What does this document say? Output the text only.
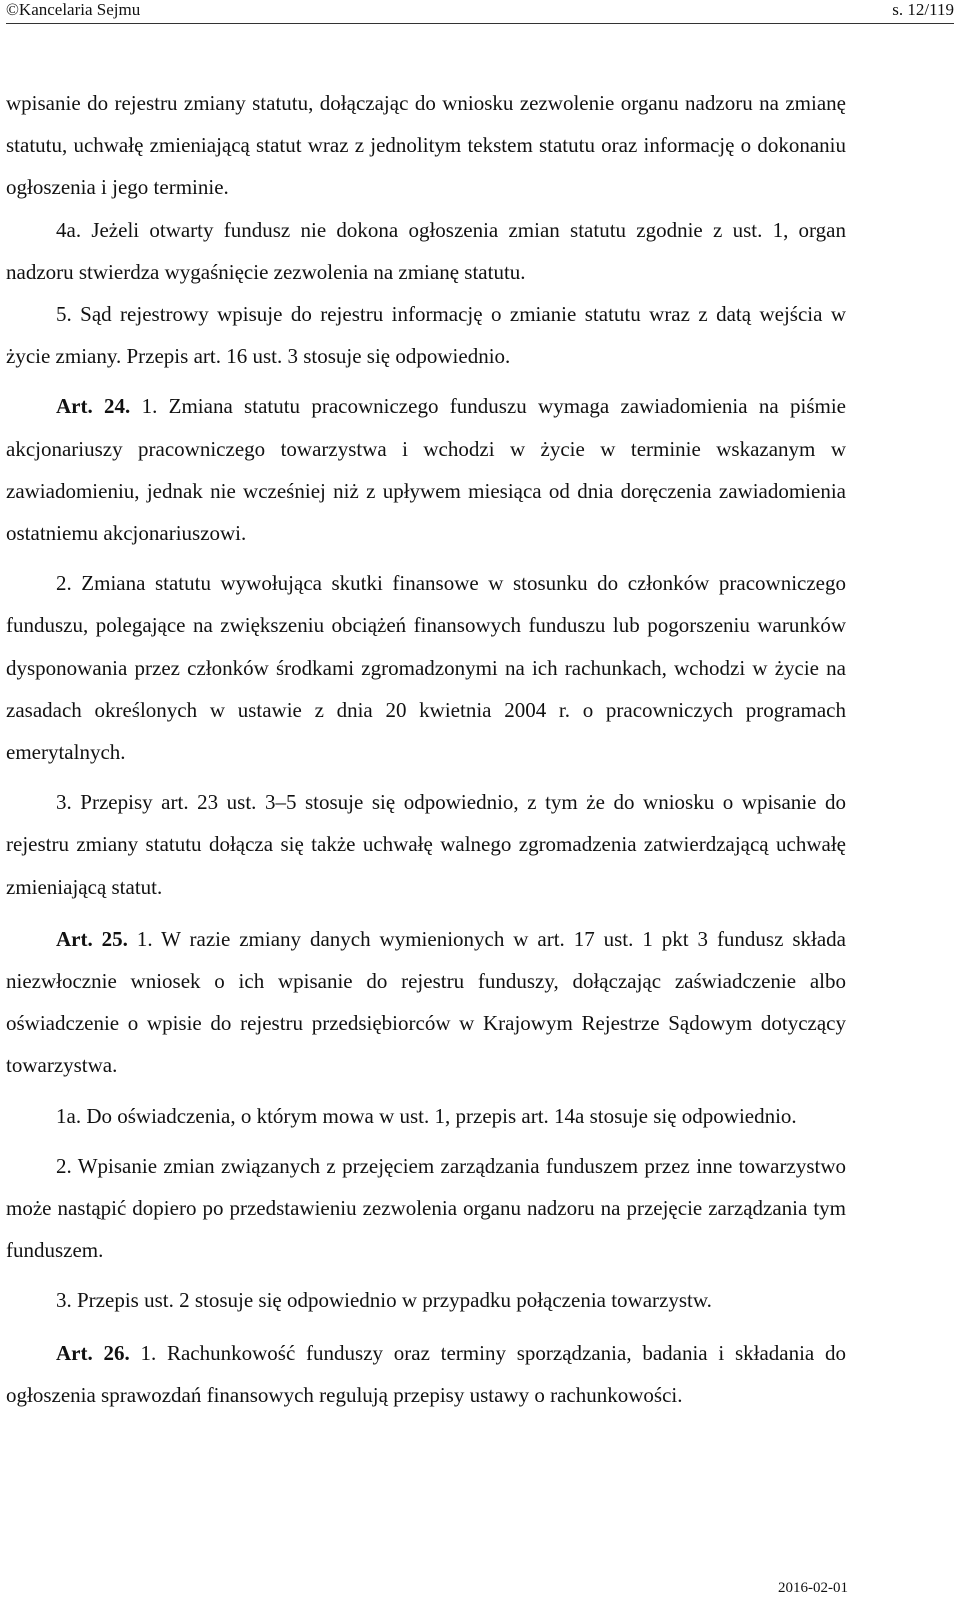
©Kancelaria Sejmu	s. 12/119

wpisanie do rejestru zmiany statutu, dołączając do wniosku zezwolenie organu nadzoru na zmianę statutu, uchwałę zmieniającą statut wraz z jednolitym tekstem statutu oraz informację o dokonaniu ogłoszenia i jego terminie.

4a. Jeżeli otwarty fundusz nie dokona ogłoszenia zmian statutu zgodnie z ust. 1, organ nadzoru stwierdza wygaśnięcie zezwolenia na zmianę statutu.

5. Sąd rejestrowy wpisuje do rejestru informację o zmianie statutu wraz z datą wejścia w życie zmiany. Przepis art. 16 ust. 3 stosuje się odpowiednio.

Art. 24. 1. Zmiana statutu pracowniczego funduszu wymaga zawiadomienia na piśmie akcjonariuszy pracowniczego towarzystwa i wchodzi w życie w terminie wskazanym w zawiadomieniu, jednak nie wcześniej niż z upływem miesiąca od dnia doręczenia zawiadomienia ostatniemu akcjonariuszowi.

2. Zmiana statutu wywołująca skutki finansowe w stosunku do członków pracowniczego funduszu, polegające na zwiększeniu obciążeń finansowych funduszu lub pogorszeniu warunków dysponowania przez członków środkami zgromadzonymi na ich rachunkach, wchodzi w życie na zasadach określonych w ustawie z dnia 20 kwietnia 2004 r. o pracowniczych programach emerytalnych.

3. Przepisy art. 23 ust. 3–5 stosuje się odpowiednio, z tym że do wniosku o wpisanie do rejestru zmiany statutu dołącza się także uchwałę walnego zgromadzenia zatwierdzającą uchwałę zmieniającą statut.

Art. 25. 1. W razie zmiany danych wymienionych w art. 17 ust. 1 pkt 3 fundusz składa niezwłocznie wniosek o ich wpisanie do rejestru funduszy, dołączając zaświadczenie albo oświadczenie o wpisie do rejestru przedsiębiorców w Krajowym Rejestrze Sądowym dotyczący towarzystwa.

1a. Do oświadczenia, o którym mowa w ust. 1, przepis art. 14a stosuje się odpowiednio.

2. Wpisanie zmian związanych z przejęciem zarządzania funduszem przez inne towarzystwo może nastąpić dopiero po przedstawieniu zezwolenia organu nadzoru na przejęcie zarządzania tym funduszem.

3. Przepis ust. 2 stosuje się odpowiednio w przypadku połączenia towarzystw.

Art. 26. 1. Rachunkowość funduszy oraz terminy sporządzania, badania i składania do ogłoszenia sprawozdań finansowych regulują przepisy ustawy o rachunkowości.

2016-02-01
